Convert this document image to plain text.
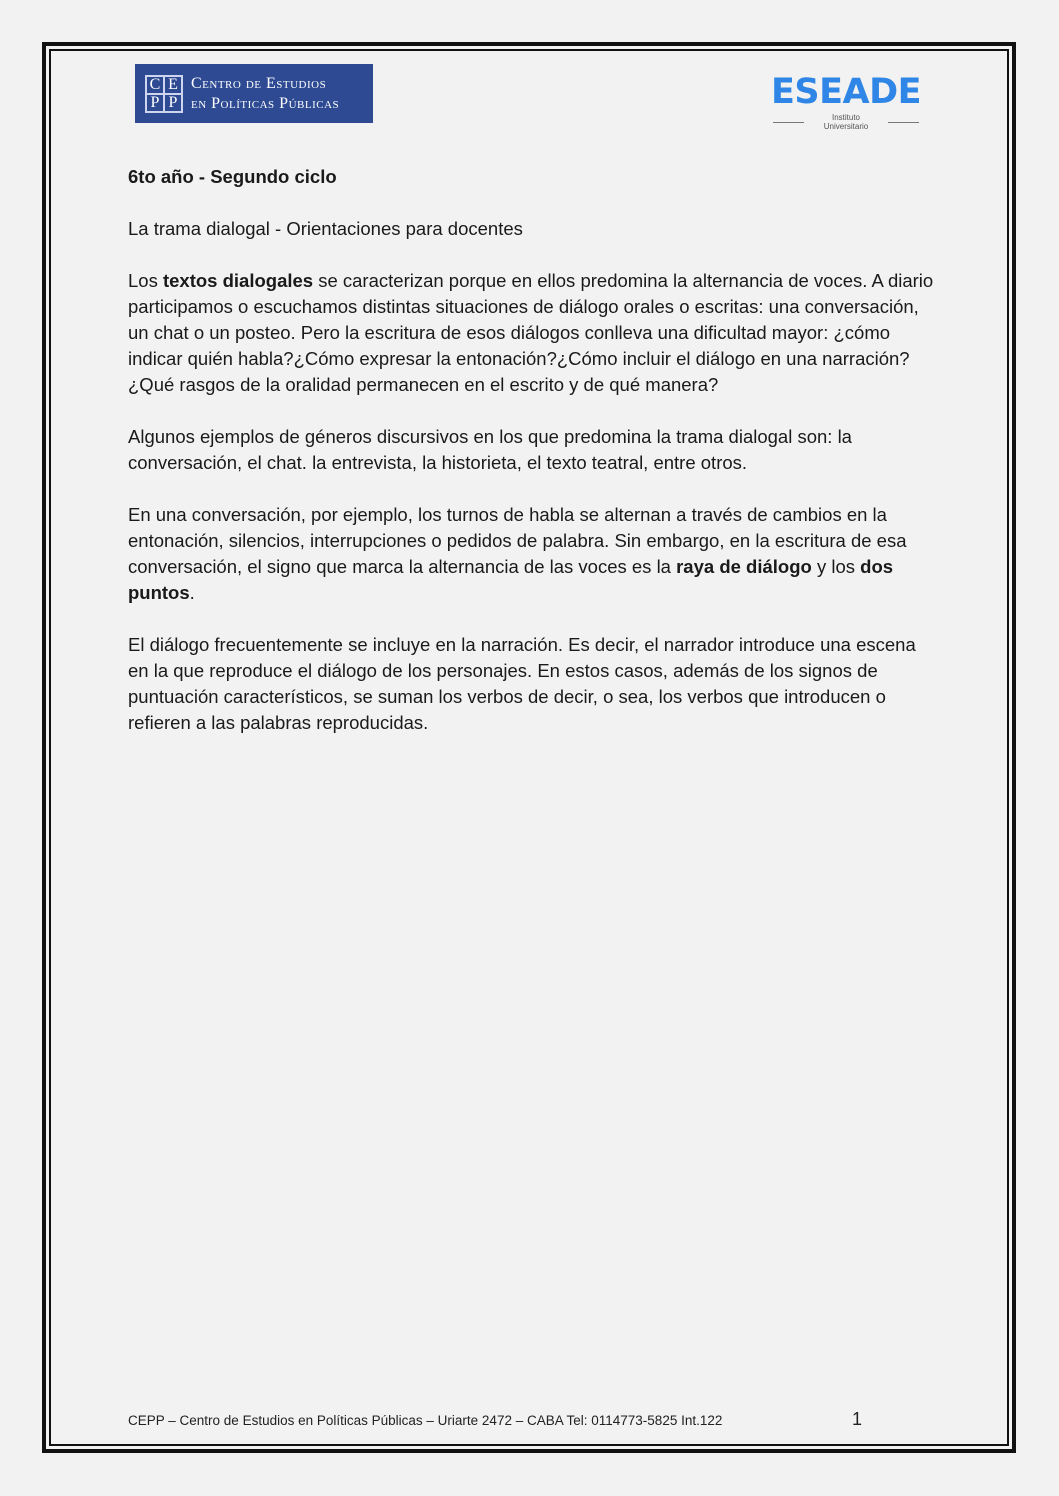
C E
P P
Centro de Estudios
en Políticas Públicas	ESEADE
Instituto Universitario

6to año - Segundo ciclo

La trama dialogal - Orientaciones para docentes

Los textos dialogales se caracterizan porque en ellos predomina la alternancia de voces. A diario participamos o escuchamos distintas situaciones de diálogo orales o escritas: una conversación, un chat o un posteo. Pero la escritura de esos diálogos conlleva una dificultad mayor: ¿cómo indicar quién habla?¿Cómo expresar la entonación?¿Cómo incluir el diálogo en una narración?¿Qué rasgos de la oralidad permanecen en el escrito y de qué manera?

Algunos ejemplos de géneros discursivos en los que predomina la trama dialogal son: la conversación, el chat. la entrevista, la historieta, el texto teatral, entre otros.

En una conversación, por ejemplo, los turnos de habla se alternan a través de cambios en la entonación, silencios, interrupciones o pedidos de palabra. Sin embargo, en la escritura de esa conversación, el signo que marca la alternancia de las voces es la raya de diálogo y los dos puntos.

El diálogo frecuentemente se incluye en la narración. Es decir, el narrador introduce una escena en la que reproduce el diálogo de los personajes. En estos casos, además de los signos de puntuación característicos, se suman los verbos de decir, o sea, los verbos que introducen o refieren a las palabras reproducidas.

CEPP – Centro de Estudios en Políticas Públicas – Uriarte 2472 – CABA Tel: 0114773-5825 Int.122	1
